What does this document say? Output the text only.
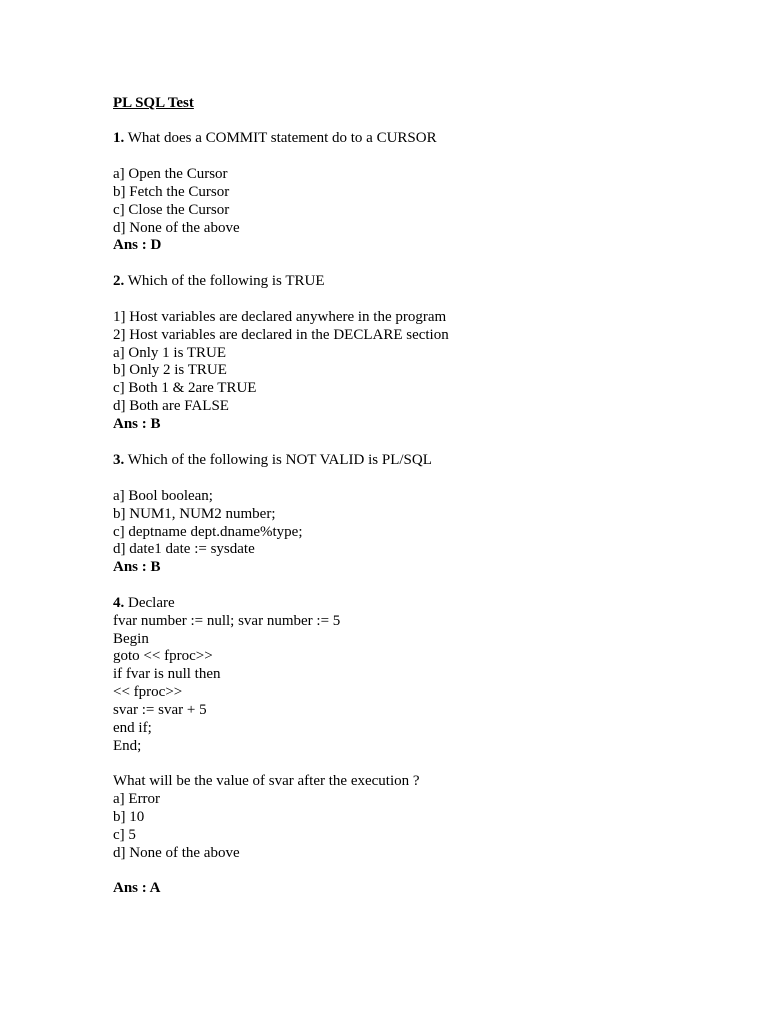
PL SQL Test
1. What does a COMMIT statement do to a CURSOR
a] Open the Cursor
b] Fetch the Cursor
c] Close the Cursor
d] None of the above
Ans : D
2. Which of the following is TRUE
1] Host variables are declared anywhere in the program
2] Host variables are declared in the DECLARE section
a] Only 1 is TRUE
b] Only 2 is TRUE
c] Both 1 & 2are TRUE
d] Both are FALSE
Ans : B
3. Which of the following is NOT VALID is PL/SQL
a] Bool boolean;
b] NUM1, NUM2 number;
c] deptname dept.dname%type;
d] date1 date := sysdate
Ans : B
4. Declare
fvar number := null; svar number := 5
Begin
goto << fproc>>
if fvar is null then
<< fproc>>
svar := svar + 5
end if;
End;
What will be the value of svar after the execution ?
a] Error
b] 10
c] 5
d] None of the above
Ans : A
